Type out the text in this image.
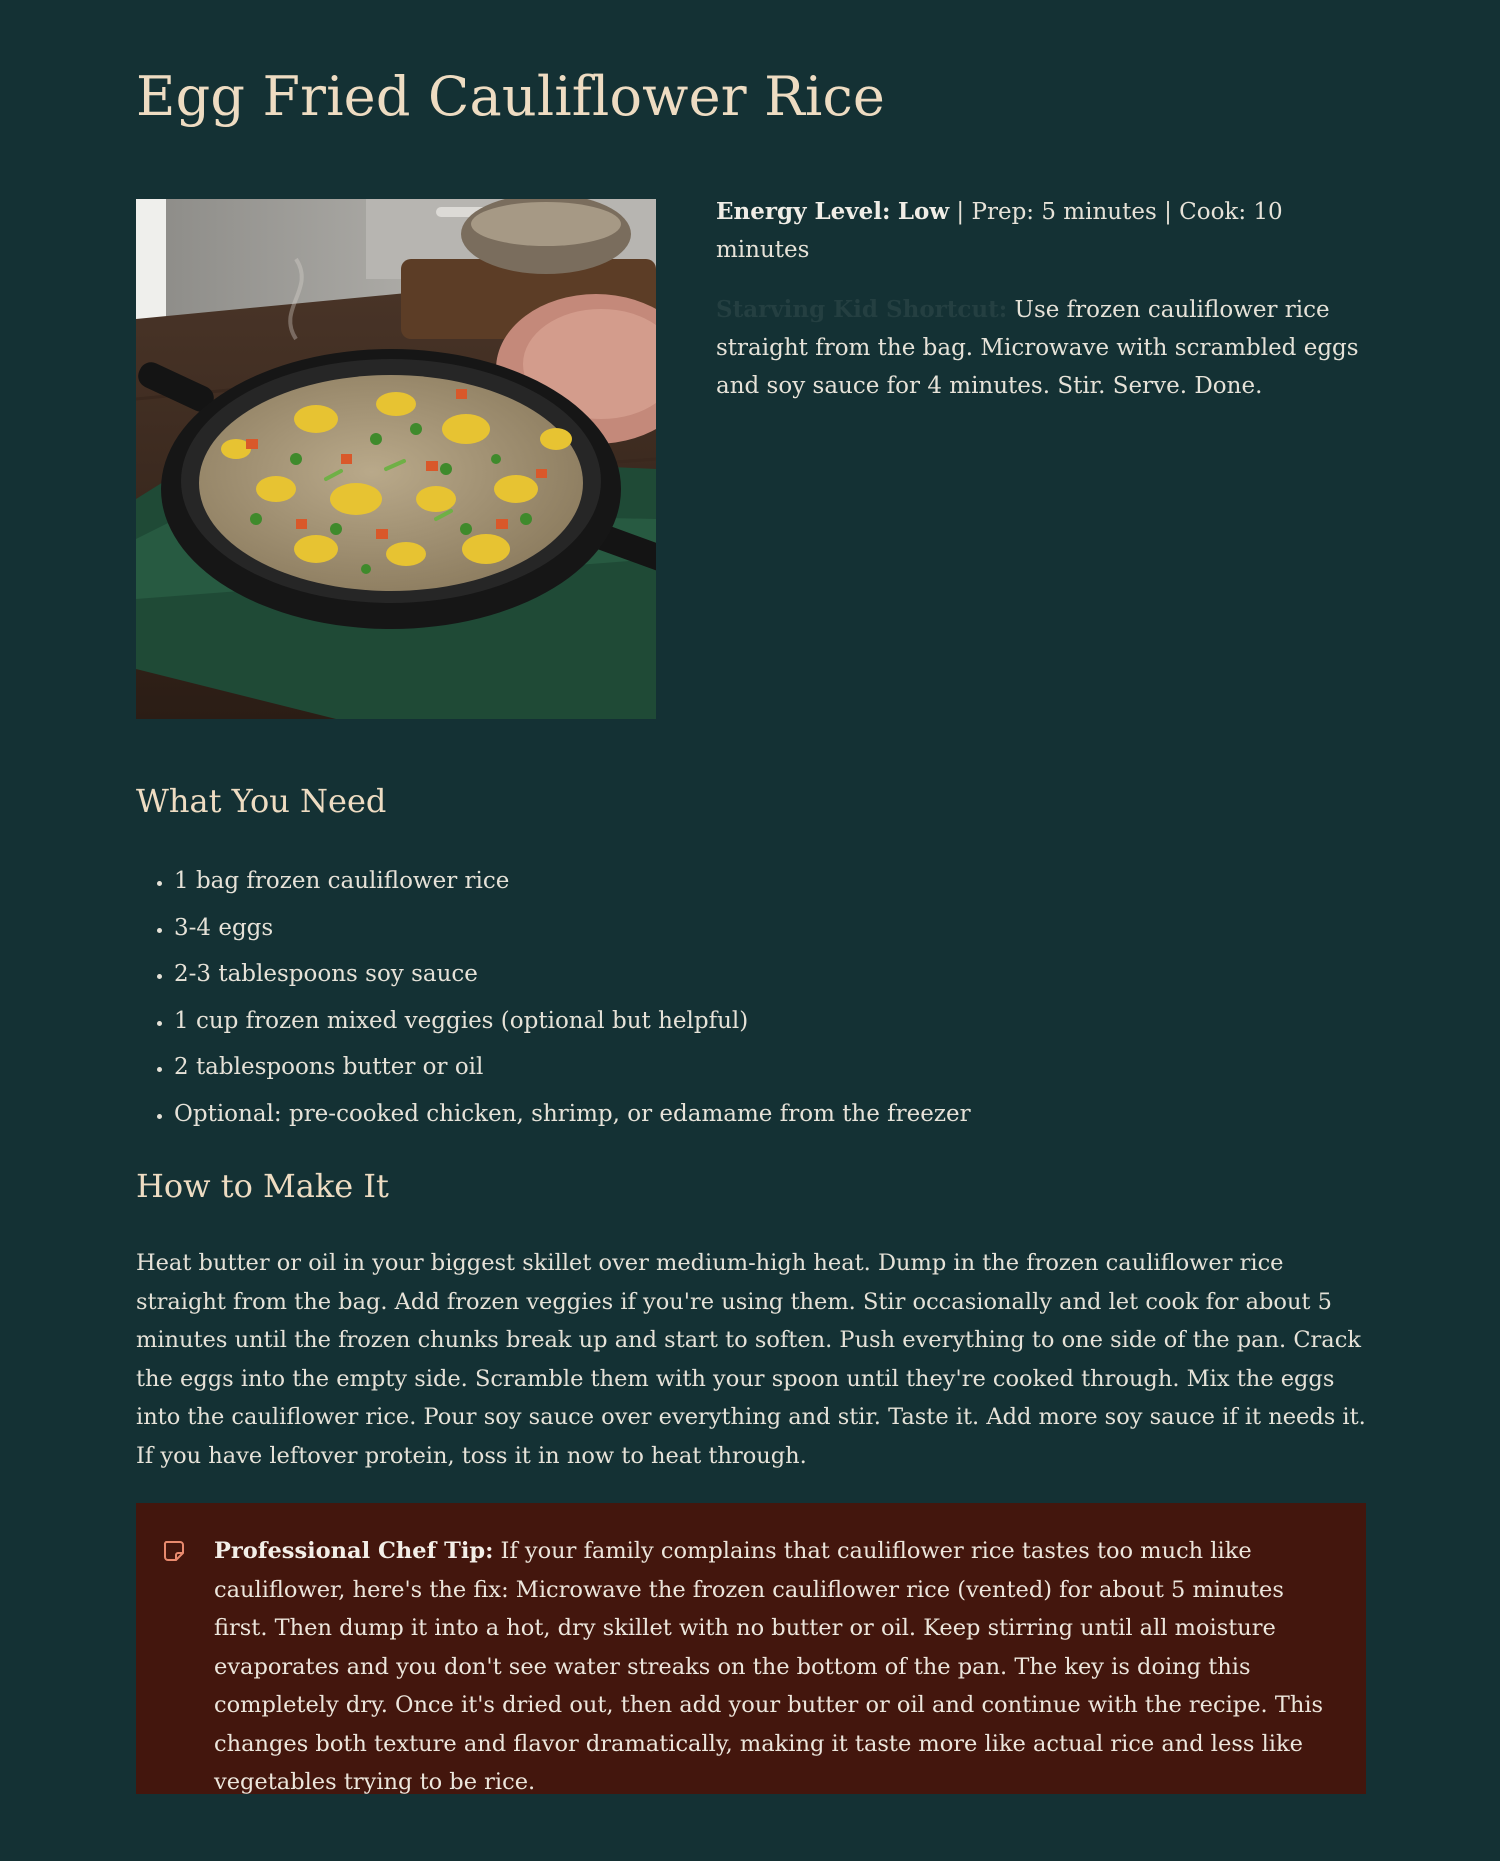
Egg Fried Cauliflower Rice

Energy Level: Low | Prep: 5 minutes | Cook: 10 minutes

Starving Kid Shortcut: Use frozen cauliflower rice straight from the bag. Microwave with scrambled eggs and soy sauce for 4 minutes. Stir. Serve. Done.

What You Need
• 1 bag frozen cauliflower rice
• 3-4 eggs
• 2-3 tablespoons soy sauce
• 1 cup frozen mixed veggies (optional but helpful)
• 2 tablespoons butter or oil
• Optional: pre-cooked chicken, shrimp, or edamame from the freezer
How to Make It

Heat butter or oil in your biggest skillet over medium-high heat. Dump in the frozen cauliflower rice straight from the bag. Add frozen veggies if you're using them. Stir occasionally and let cook for about 5 minutes until the frozen chunks break up and start to soften. Push everything to one side of the pan. Crack the eggs into the empty side. Scramble them with your spoon until they're cooked through. Mix the eggs into the cauliflower rice. Pour soy sauce over everything and stir. Taste it. Add more soy sauce if it needs it. If you have leftover protein, toss it in now to heat through.

Professional Chef Tip: If your family complains that cauliflower rice tastes too much like cauliflower, here's the fix: Microwave the frozen cauliflower rice (vented) for about 5 minutes first. Then dump it into a hot, dry skillet with no butter or oil. Keep stirring until all moisture evaporates and you don't see water streaks on the bottom of the pan. The key is doing this completely dry. Once it's dried out, then add your butter or oil and continue with the recipe. This changes both texture and flavor dramatically, making it taste more like actual rice and less like vegetables trying to be rice.
